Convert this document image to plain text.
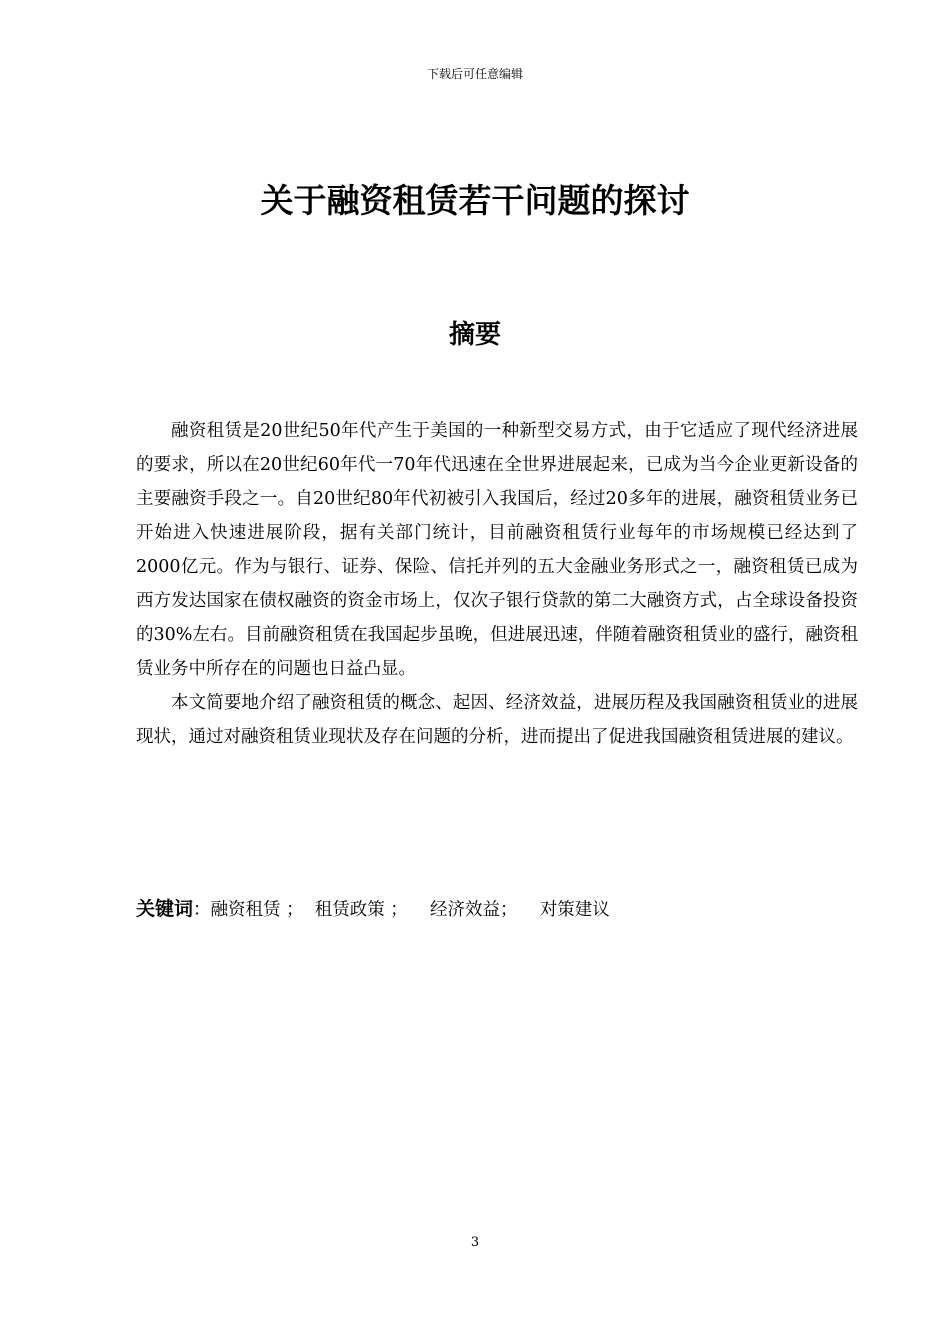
下载后可任意编辑
关于融资租赁若干问题的探讨
摘要

融资租赁是20世纪50年代产生于美国的一种新型交易方式，由于它适应了现代经济进展的要求，所以在20世纪60年代一70年代迅速在全世界进展起来，已成为当今企业更新设备的主要融资手段之一。自20世纪80年代初被引入我国后，经过20多年的进展，融资租赁业务已开始进入快速进展阶段，据有关部门统计，目前融资租赁行业每年的市场规模已经达到了2000亿元。作为与银行、证券、保险、信托并列的五大金融业务形式之一，融资租赁已成为西方发达国家在债权融资的资金市场上，仅次子银行贷款的第二大融资方式，占全球设备投资的30%左右。目前融资租赁在我国起步虽晚，但进展迅速，伴随着融资租赁业的盛行，融资租赁业务中所存在的问题也日益凸显。

本文简要地介绍了融资租赁的概念、起因、经济效益，进展历程及我国融资租赁业的进展现状，通过对融资租赁业现状及存在问题的分析，进而提出了促进我国融资租赁进展的建议。

关键词：融资租赁 ；  租赁政策 ；    经济效益；    对策建议
3
